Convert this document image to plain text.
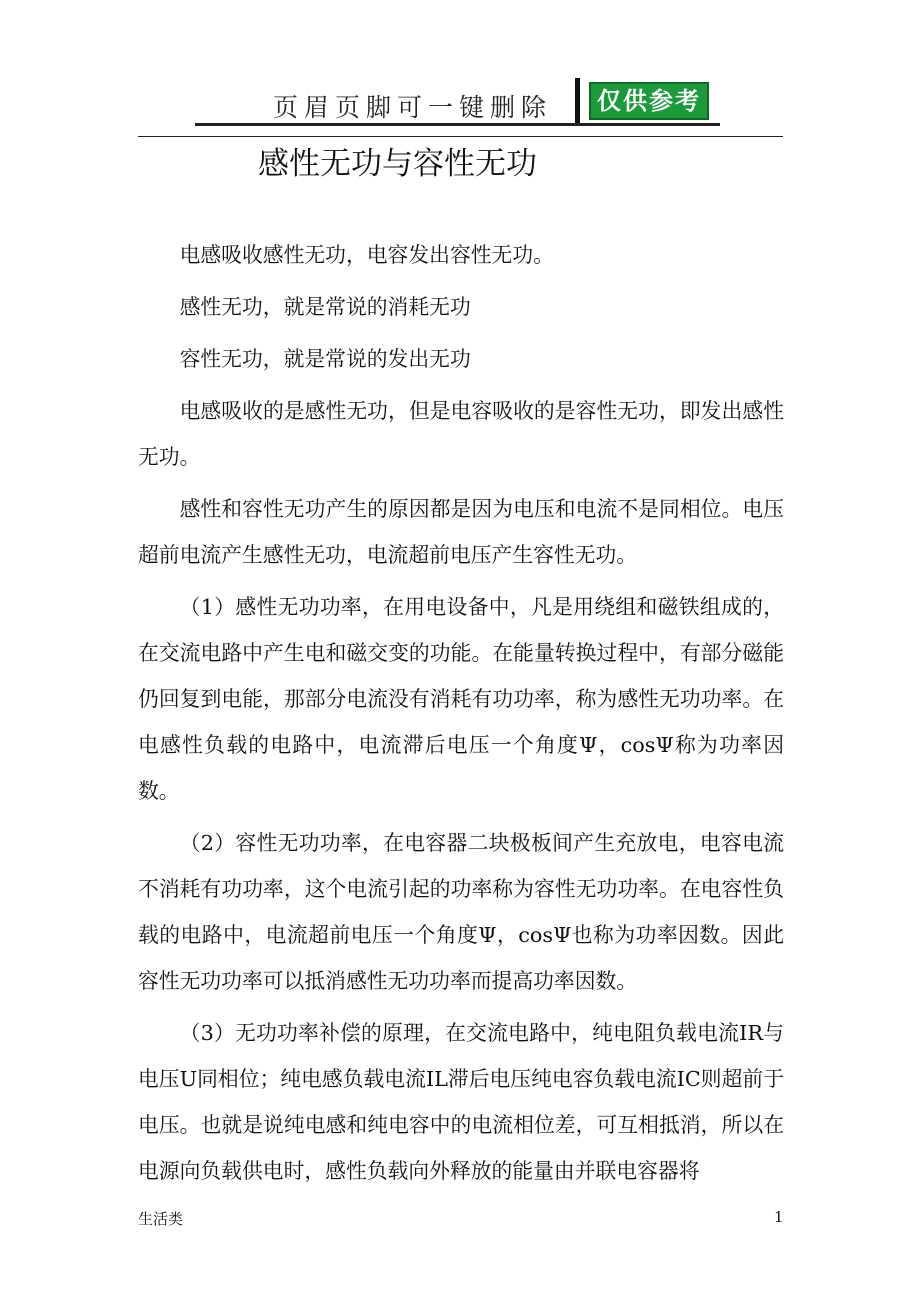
页眉页脚可一键删除	仅供参考
感性无功与容性无功

电感吸收感性无功，电容发出容性无功。

感性无功，就是常说的消耗无功

容性无功，就是常说的发出无功

电感吸收的是感性无功，但是电容吸收的是容性无功，即发出感性无功。

感性和容性无功产生的原因都是因为电压和电流不是同相位。电压超前电流产生感性无功，电流超前电压产生容性无功。

（1）感性无功功率，在用电设备中，凡是用绕组和磁铁组成的，在交流电路中产生电和磁交变的功能。在能量转换过程中，有部分磁能仍回复到电能，那部分电流没有消耗有功功率，称为感性无功功率。在电感性负载的电路中，电流滞后电压一个角度Ψ，cosΨ称为功率因数。

（2）容性无功功率，在电容器二块极板间产生充放电，电容电流不消耗有功功率，这个电流引起的功率称为容性无功功率。在电容性负载的电路中，电流超前电压一个角度Ψ，cosΨ也称为功率因数。因此容性无功功率可以抵消感性无功功率而提高功率因数。

（3）无功功率补偿的原理，在交流电路中，纯电阻负载电流IR与电压U同相位；纯电感负载电流IL滞后电压纯电容负载电流IC则超前于电压。也就是说纯电感和纯电容中的电流相位差，可互相抵消，所以在电源向负载供电时，感性负载向外释放的能量由并联电容器将

生活类	1
